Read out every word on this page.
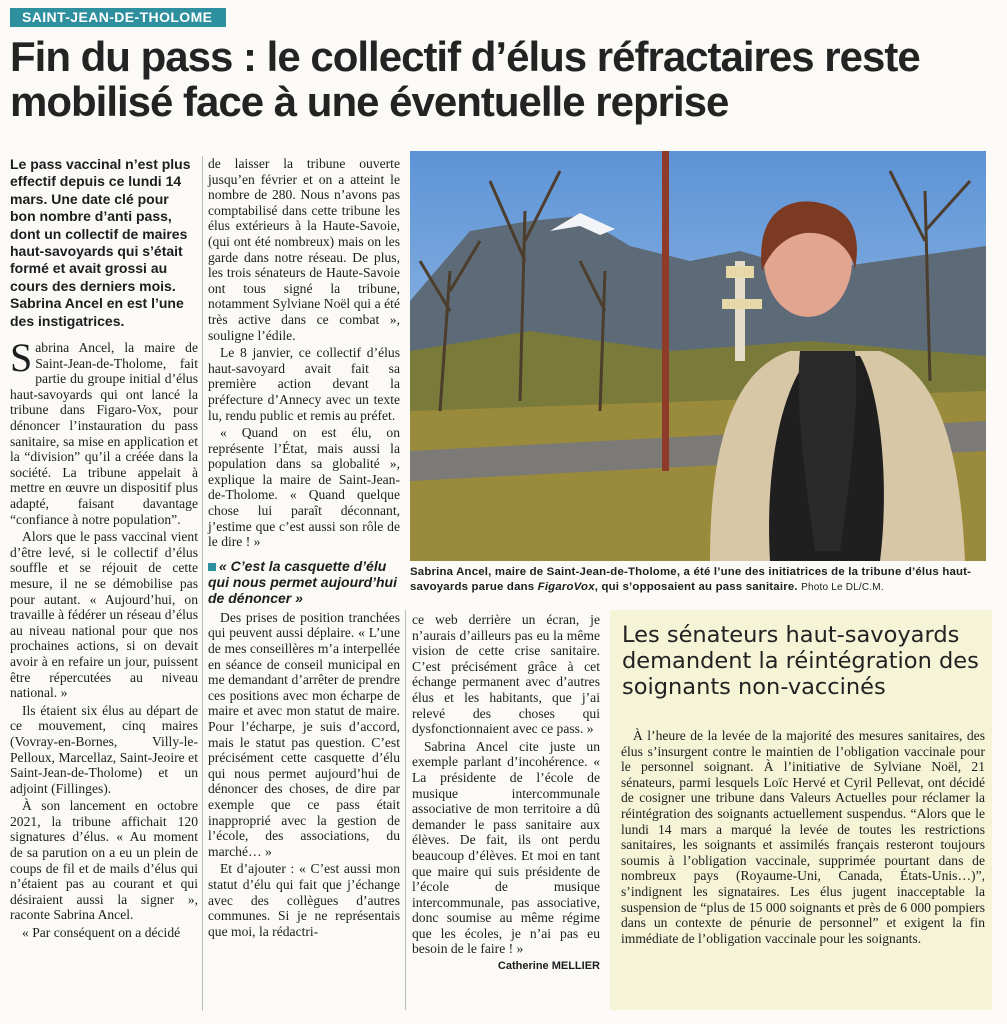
SAINT-JEAN-DE-THOLOME
Fin du pass : le collectif d’élus réfractaires reste mobilisé face à une éventuelle reprise
Le pass vaccinal n’est plus effectif depuis ce lundi 14 mars. Une date clé pour bon nombre d’anti pass, dont un collectif de maires haut-savoyards qui s’était formé et avait grossi au cours des derniers mois. Sabrina Ancel en est l’une des instigatrices.

Sabrina Ancel, la maire de Saint-Jean-de-Tholome, fait partie du groupe initial d’élus haut-savoyards qui ont lancé la tribune dans Figaro-Vox, pour dénoncer l’instauration du pass sanitaire, sa mise en application et la “division” qu’il a créée dans la société. La tribune appelait à mettre en œuvre un dispositif plus adapté, faisant davantage “confiance à notre population”.

Alors que le pass vaccinal vient d’être levé, si le collectif d’élus souffle et se réjouit de cette mesure, il ne se démobilise pas pour autant. « Aujourd’hui, on travaille à fédérer un réseau d’élus au niveau national pour que nos prochaines actions, si on devait avoir à en refaire un jour, puissent être répercutées au niveau national. »

Ils étaient six élus au départ de ce mouvement, cinq maires (Vovray-en-Bornes, Villy-le-Pelloux, Marcellaz, Saint-Jeoire et Saint-Jean-de-Tholome) et un adjoint (Fillinges).

À son lancement en octobre 2021, la tribune affichait 120 signatures d’élus. « Au moment de sa parution on a eu un plein de coups de fil et de mails d’élus qui n’étaient pas au courant et qui désiraient aussi la signer », raconte Sabrina Ancel.

« Par conséquent on a décidé

de laisser la tribune ouverte jusqu’en février et on a atteint le nombre de 280. Nous n’avons pas comptabilisé dans cette tribune les élus extérieurs à la Haute-Savoie, (qui ont été nombreux) mais on les garde dans notre réseau. De plus, les trois sénateurs de Haute-Savoie ont tous signé la tribune, notamment Sylviane Noël qui a été très active dans ce combat », souligne l’édile.

Le 8 janvier, ce collectif d’élus haut-savoyard avait fait sa première action devant la préfecture d’Annecy avec un texte lu, rendu public et remis au préfet.

« Quand on est élu, on représente l’État, mais aussi la population dans sa globalité », explique la maire de Saint-Jean-de-Tholome. « Quand quelque chose lui paraît déconnant, j’estime que c’est aussi son rôle de le dire ! »

« C’est la casquette d’élu qui nous permet aujourd’hui de dénoncer »

Des prises de position tranchées qui peuvent aussi déplaire. « L’une de mes conseillères m’a interpellée en séance de conseil municipal en me demandant d’arrêter de prendre ces positions avec mon écharpe de maire et avec mon statut de maire. Pour l’écharpe, je suis d’accord, mais le statut pas question. C’est précisément cette casquette d’élu qui nous permet aujourd’hui de dénoncer des choses, de dire par exemple que ce pass était inapproprié avec la gestion de l’école, des associations, du marché… »

Et d’ajouter : « C’est aussi mon statut d’élu qui fait que j’échange avec des collègues d’autres communes. Si je ne représentais que moi, la rédactri-

ce web derrière un écran, je n’aurais d’ailleurs pas eu la même vision de cette crise sanitaire. C’est précisément grâce à cet échange permanent avec d’autres élus et les habitants, que j’ai relevé des choses qui dysfonctionnaient avec ce pass. »

Sabrina Ancel cite juste un exemple parlant d’incohérence. « La présidente de l’école de musique intercommunale associative de mon territoire a dû demander le pass sanitaire aux élèves. De fait, ils ont perdu beaucoup d’élèves. Et moi en tant que maire qui suis présidente de l’école de musique intercommunale, pas associative, donc soumise au même régime que les écoles, je n’ai pas eu besoin de le faire ! »

Catherine MELLIER
Sabrina Ancel, maire de Saint-Jean-de-Tholome, a été l’une des initiatrices de la tribune d’élus haut-savoyards parue dans FigaroVox, qui s’opposaient au pass sanitaire. Photo Le DL/C.M.
Les sénateurs haut-savoyards demandent la réintégration des soignants non-vaccinés

À l’heure de la levée de la majorité des mesures sanitaires, des élus s’insurgent contre le maintien de l’obligation vaccinale pour le personnel soignant. À l’initiative de Sylviane Noël, 21 sénateurs, parmi lesquels Loïc Hervé et Cyril Pellevat, ont décidé de cosigner une tribune dans Valeurs Actuelles pour réclamer la réintégration des soignants actuellement suspendus. “Alors que le lundi 14 mars a marqué la levée de toutes les restrictions sanitaires, les soignants et assimilés français resteront toujours soumis à l’obligation vaccinale, supprimée pourtant dans de nombreux pays (Royaume-Uni, Canada, États-Unis…)”, s’indignent les signataires. Les élus jugent inacceptable la suspension de “plus de 15 000 soignants et près de 6 000 pompiers dans un contexte de pénurie de personnel” et exigent la fin immédiate de l’obligation vaccinale pour les soignants.
